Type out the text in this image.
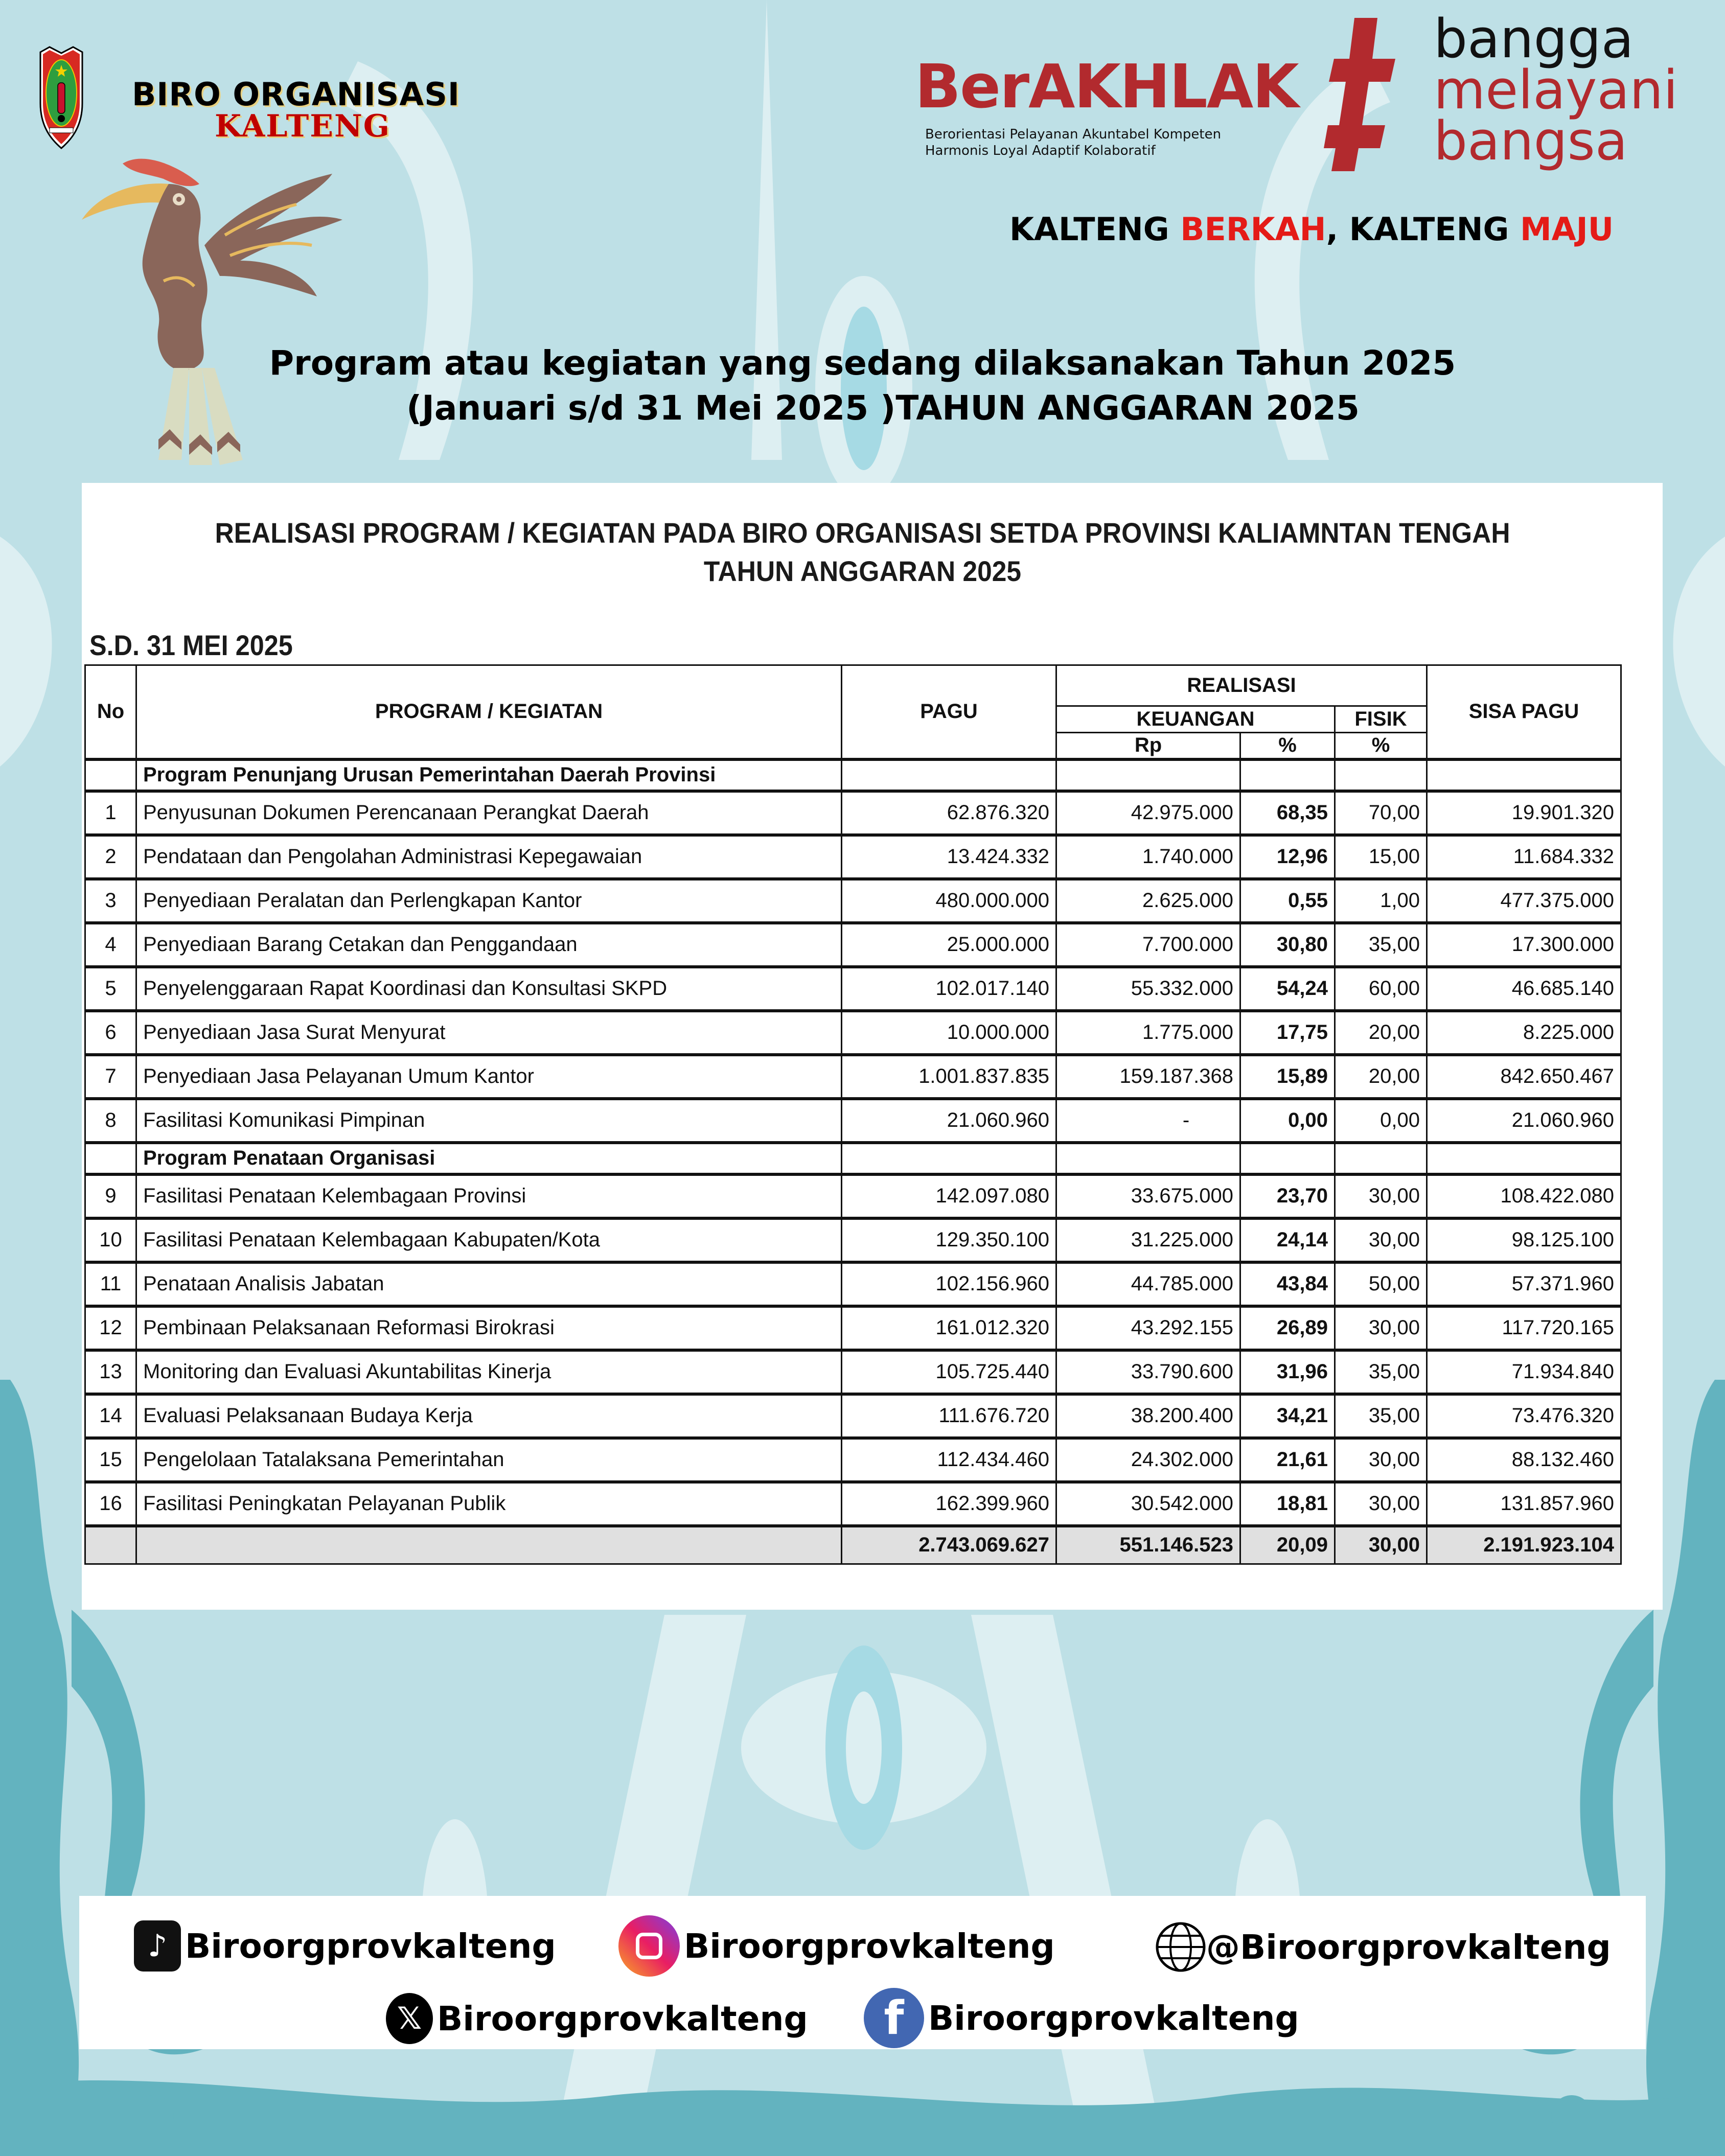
BIRO ORGANISASI
KALTENG
BerAKHLAK
Berorientasi Pelayanan Akuntabel Kompeten
Harmonis Loyal Adaptif Kolaboratif
bangga
melayani
bangsa
KALTENG BERKAH, KALTENG MAJU
Program atau kegiatan yang sedang dilaksanakan Tahun 2025
(Januari s/d 31 Mei 2025 )TAHUN ANGGARAN 2025
REALISASI PROGRAM / KEGIATAN PADA BIRO ORGANISASI SETDA PROVINSI KALIAMNTAN TENGAH
TAHUN ANGGARAN 2025
S.D. 31 MEI 2025
No	PROGRAM / KEGIATAN	PAGU	REALISASI			SISA PAGU
			KEUANGAN		FISIK	
			Rp	%	%	
	Program Penunjang Urusan Pemerintahan Daerah Provinsi					
1	Penyusunan Dokumen Perencanaan Perangkat Daerah	62.876.320	42.975.000	68,35	70,00	19.901.320
2	Pendataan dan Pengolahan Administrasi Kepegawaian	13.424.332	1.740.000	12,96	15,00	11.684.332
3	Penyediaan Peralatan dan Perlengkapan Kantor	480.000.000	2.625.000	0,55	1,00	477.375.000
4	Penyediaan Barang Cetakan dan Penggandaan	25.000.000	7.700.000	30,80	35,00	17.300.000
5	Penyelenggaraan Rapat Koordinasi dan Konsultasi SKPD	102.017.140	55.332.000	54,24	60,00	46.685.140
6	Penyediaan Jasa Surat Menyurat	10.000.000	1.775.000	17,75	20,00	8.225.000
7	Penyediaan Jasa Pelayanan Umum Kantor	1.001.837.835	159.187.368	15,89	20,00	842.650.467
8	Fasilitasi Komunikasi Pimpinan	21.060.960	-	0,00	0,00	21.060.960
	Program Penataan Organisasi					
9	Fasilitasi Penataan Kelembagaan Provinsi	142.097.080	33.675.000	23,70	30,00	108.422.080
10	Fasilitasi Penataan Kelembagaan Kabupaten/Kota	129.350.100	31.225.000	24,14	30,00	98.125.100
11	Penataan Analisis Jabatan	102.156.960	44.785.000	43,84	50,00	57.371.960
12	Pembinaan Pelaksanaan Reformasi Birokrasi	161.012.320	43.292.155	26,89	30,00	117.720.165
13	Monitoring dan Evaluasi Akuntabilitas Kinerja	105.725.440	33.790.600	31,96	35,00	71.934.840
14	Evaluasi Pelaksanaan Budaya Kerja	111.676.720	38.200.400	34,21	35,00	73.476.320
15	Pengelolaan Tatalaksana Pemerintahan	112.434.460	24.302.000	21,61	30,00	88.132.460
16	Fasilitasi Peningkatan Pelayanan Publik	162.399.960	30.542.000	18,81	30,00	131.857.960
		2.743.069.627	551.146.523	20,09	30,00	2.191.923.104
♪ Biroorgprovkalteng	Biroorgprovkalteng	@Biroorgprovkalteng
𝕏 Biroorgprovkalteng	f Biroorgprovkalteng
